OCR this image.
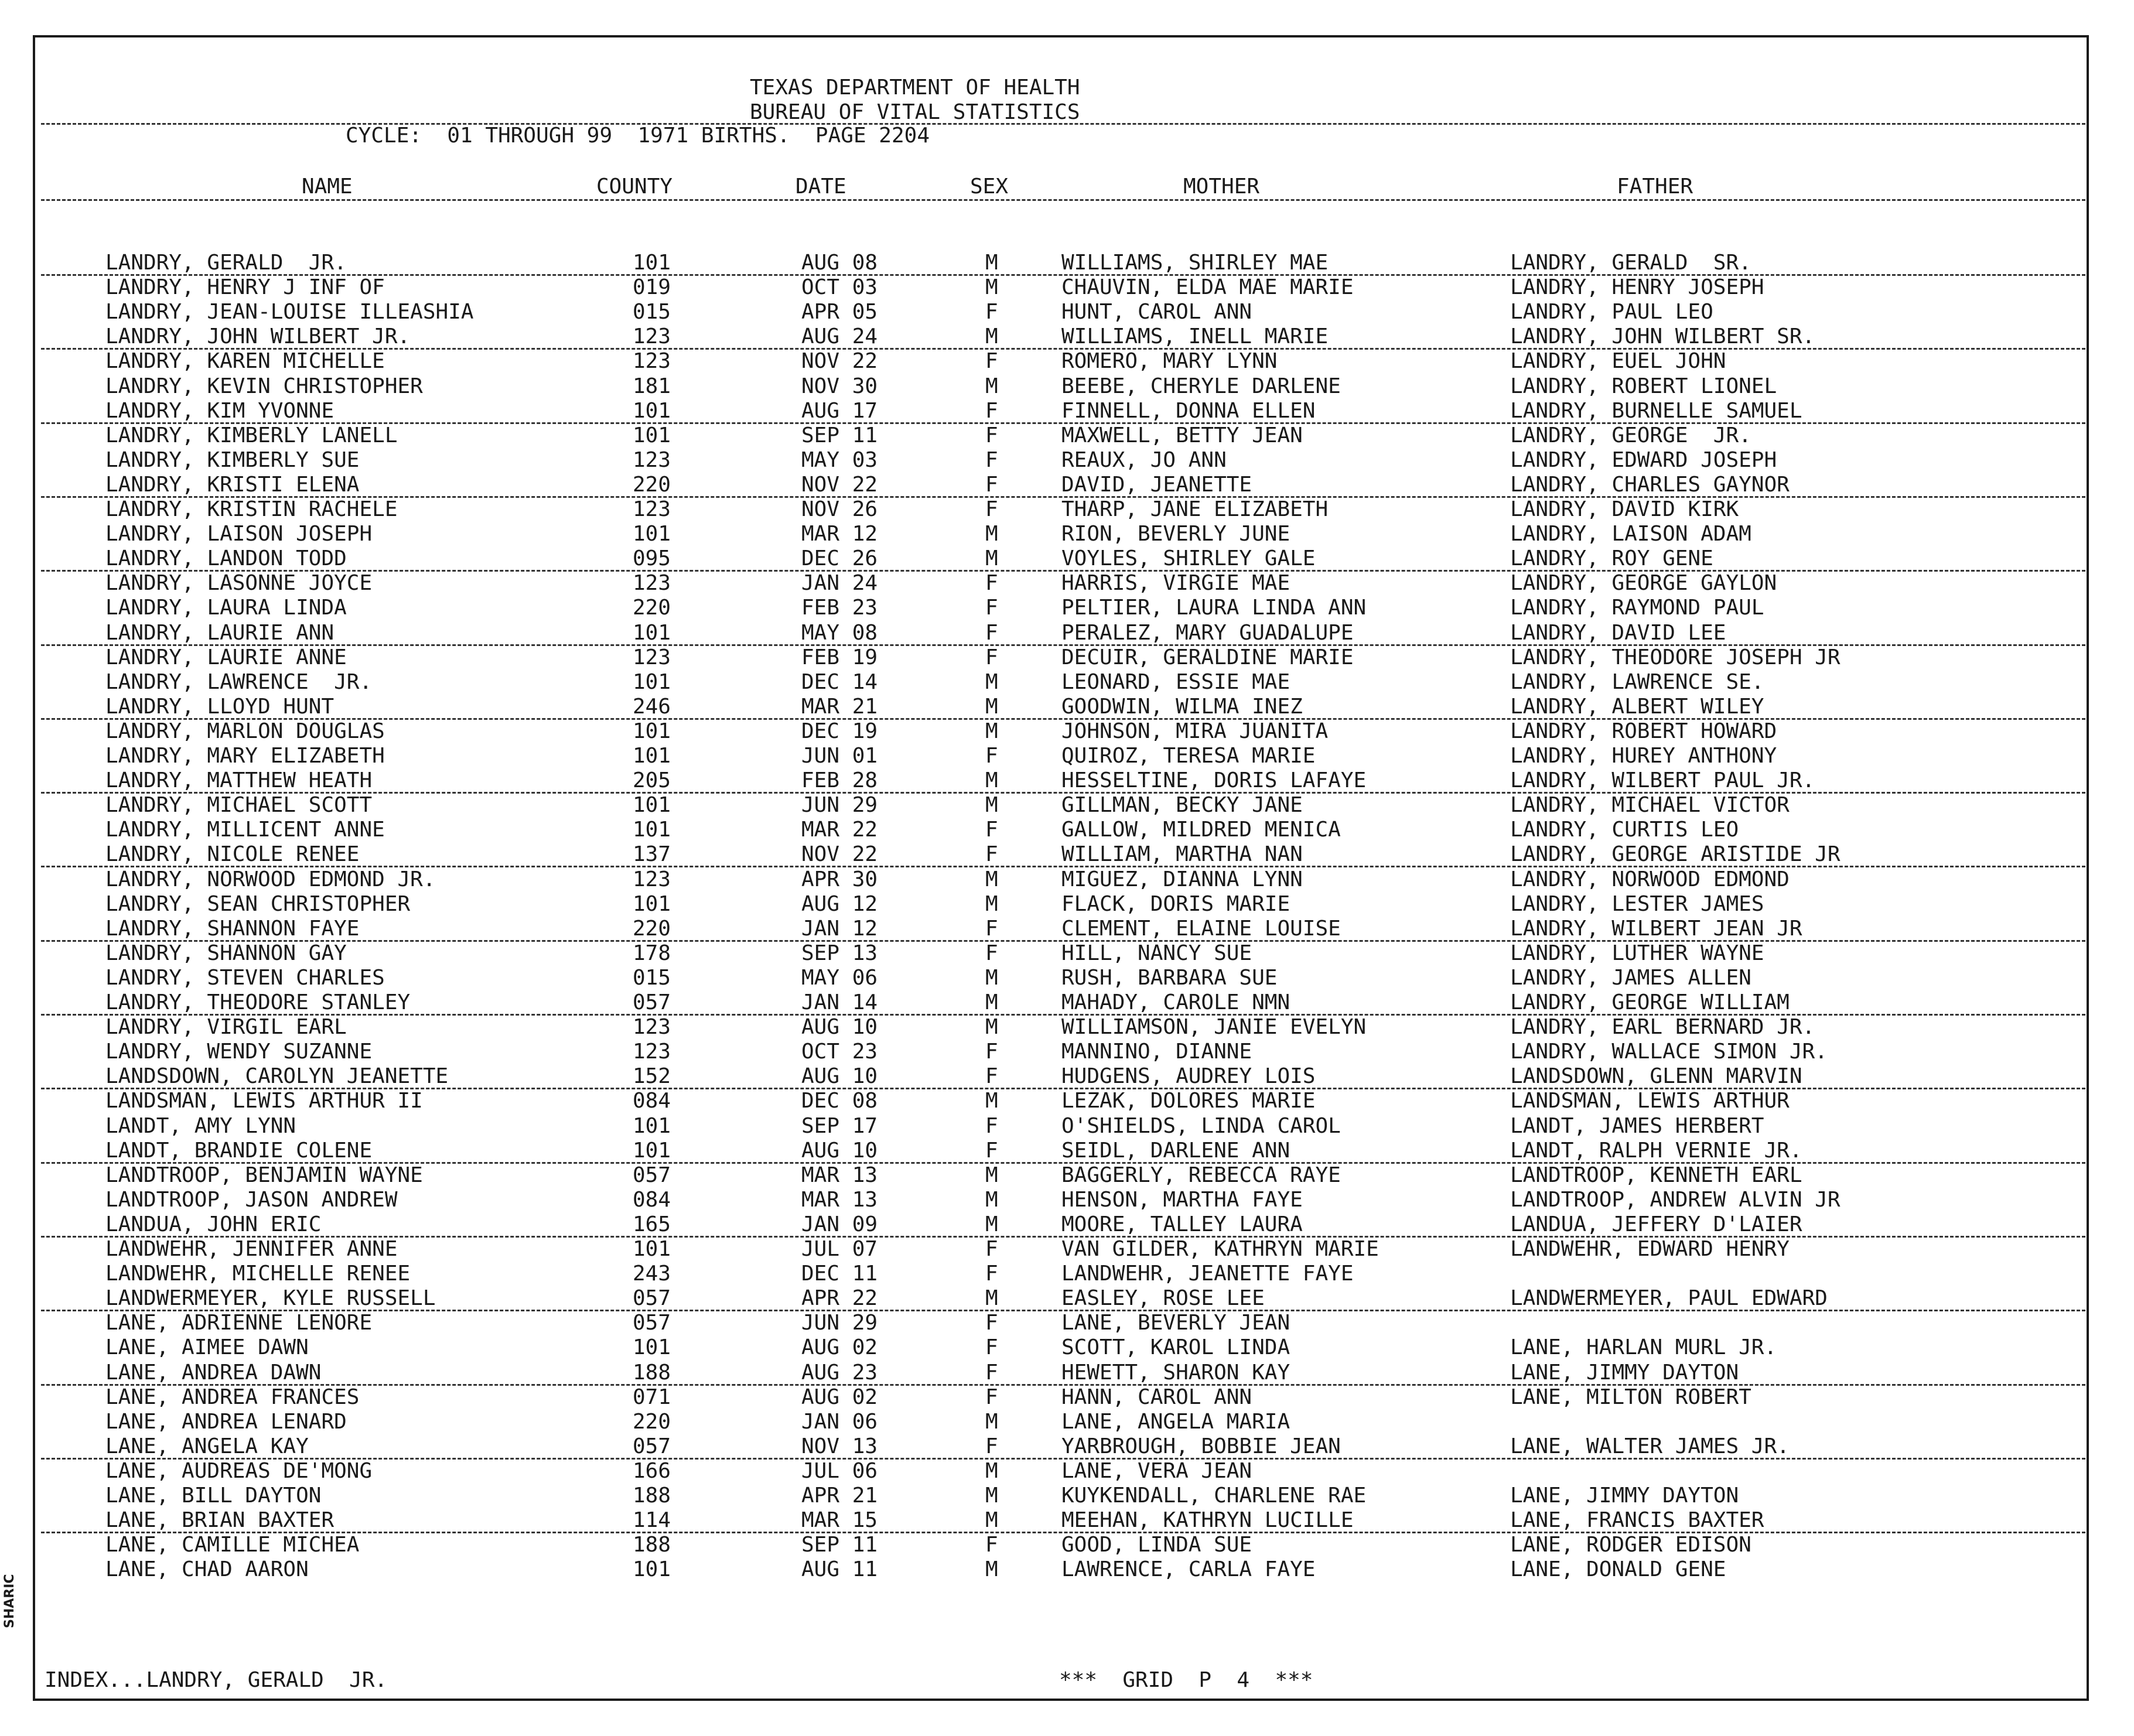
TEXAS DEPARTMENT OF HEALTH
BUREAU OF VITAL STATISTICS
CYCLE:  01 THROUGH 99  1971 BIRTHS.  PAGE 2204
NAME	COUNTY	DATE	SEX	MOTHER	FATHER
LANDRY, GERALD  JR.	101	AUG 08	M	WILLIAMS, SHIRLEY MAE	LANDRY, GERALD  SR.
LANDRY, HENRY J INF OF	019	OCT 03	M	CHAUVIN, ELDA MAE MARIE	LANDRY, HENRY JOSEPH
LANDRY, JEAN-LOUISE ILLEASHIA	015	APR 05	F	HUNT, CAROL ANN	LANDRY, PAUL LEO
LANDRY, JOHN WILBERT JR.	123	AUG 24	M	WILLIAMS, INELL MARIE	LANDRY, JOHN WILBERT SR.
LANDRY, KAREN MICHELLE	123	NOV 22	F	ROMERO, MARY LYNN	LANDRY, EUEL JOHN
LANDRY, KEVIN CHRISTOPHER	181	NOV 30	M	BEEBE, CHERYLE DARLENE	LANDRY, ROBERT LIONEL
LANDRY, KIM YVONNE	101	AUG 17	F	FINNELL, DONNA ELLEN	LANDRY, BURNELLE SAMUEL
LANDRY, KIMBERLY LANELL	101	SEP 11	F	MAXWELL, BETTY JEAN	LANDRY, GEORGE  JR.
LANDRY, KIMBERLY SUE	123	MAY 03	F	REAUX, JO ANN	LANDRY, EDWARD JOSEPH
LANDRY, KRISTI ELENA	220	NOV 22	F	DAVID, JEANETTE	LANDRY, CHARLES GAYNOR
LANDRY, KRISTIN RACHELE	123	NOV 26	F	THARP, JANE ELIZABETH	LANDRY, DAVID KIRK
LANDRY, LAISON JOSEPH	101	MAR 12	M	RION, BEVERLY JUNE	LANDRY, LAISON ADAM
LANDRY, LANDON TODD	095	DEC 26	M	VOYLES, SHIRLEY GALE	LANDRY, ROY GENE
LANDRY, LASONNE JOYCE	123	JAN 24	F	HARRIS, VIRGIE MAE	LANDRY, GEORGE GAYLON
LANDRY, LAURA LINDA	220	FEB 23	F	PELTIER, LAURA LINDA ANN	LANDRY, RAYMOND PAUL
LANDRY, LAURIE ANN	101	MAY 08	F	PERALEZ, MARY GUADALUPE	LANDRY, DAVID LEE
LANDRY, LAURIE ANNE	123	FEB 19	F	DECUIR, GERALDINE MARIE	LANDRY, THEODORE JOSEPH JR
LANDRY, LAWRENCE  JR.	101	DEC 14	M	LEONARD, ESSIE MAE	LANDRY, LAWRENCE SE.
LANDRY, LLOYD HUNT	246	MAR 21	M	GOODWIN, WILMA INEZ	LANDRY, ALBERT WILEY
LANDRY, MARLON DOUGLAS	101	DEC 19	M	JOHNSON, MIRA JUANITA	LANDRY, ROBERT HOWARD
LANDRY, MARY ELIZABETH	101	JUN 01	F	QUIROZ, TERESA MARIE	LANDRY, HUREY ANTHONY
LANDRY, MATTHEW HEATH	205	FEB 28	M	HESSELTINE, DORIS LAFAYE	LANDRY, WILBERT PAUL JR.
LANDRY, MICHAEL SCOTT	101	JUN 29	M	GILLMAN, BECKY JANE	LANDRY, MICHAEL VICTOR
LANDRY, MILLICENT ANNE	101	MAR 22	F	GALLOW, MILDRED MENICA	LANDRY, CURTIS LEO
LANDRY, NICOLE RENEE	137	NOV 22	F	WILLIAM, MARTHA NAN	LANDRY, GEORGE ARISTIDE JR
LANDRY, NORWOOD EDMOND JR.	123	APR 30	M	MIGUEZ, DIANNA LYNN	LANDRY, NORWOOD EDMOND
LANDRY, SEAN CHRISTOPHER	101	AUG 12	M	FLACK, DORIS MARIE	LANDRY, LESTER JAMES
LANDRY, SHANNON FAYE	220	JAN 12	F	CLEMENT, ELAINE LOUISE	LANDRY, WILBERT JEAN JR
LANDRY, SHANNON GAY	178	SEP 13	F	HILL, NANCY SUE	LANDRY, LUTHER WAYNE
LANDRY, STEVEN CHARLES	015	MAY 06	M	RUSH, BARBARA SUE	LANDRY, JAMES ALLEN
LANDRY, THEODORE STANLEY	057	JAN 14	M	MAHADY, CAROLE NMN	LANDRY, GEORGE WILLIAM
LANDRY, VIRGIL EARL	123	AUG 10	M	WILLIAMSON, JANIE EVELYN	LANDRY, EARL BERNARD JR.
LANDRY, WENDY SUZANNE	123	OCT 23	F	MANNINO, DIANNE	LANDRY, WALLACE SIMON JR.
LANDSDOWN, CAROLYN JEANETTE	152	AUG 10	F	HUDGENS, AUDREY LOIS	LANDSDOWN, GLENN MARVIN
LANDSMAN, LEWIS ARTHUR II	084	DEC 08	M	LEZAK, DOLORES MARIE	LANDSMAN, LEWIS ARTHUR
LANDT, AMY LYNN	101	SEP 17	F	O'SHIELDS, LINDA CAROL	LANDT, JAMES HERBERT
LANDT, BRANDIE COLENE	101	AUG 10	F	SEIDL, DARLENE ANN	LANDT, RALPH VERNIE JR.
LANDTROOP, BENJAMIN WAYNE	057	MAR 13	M	BAGGERLY, REBECCA RAYE	LANDTROOP, KENNETH EARL
LANDTROOP, JASON ANDREW	084	MAR 13	M	HENSON, MARTHA FAYE	LANDTROOP, ANDREW ALVIN JR
LANDUA, JOHN ERIC	165	JAN 09	M	MOORE, TALLEY LAURA	LANDUA, JEFFERY D'LAIER
LANDWEHR, JENNIFER ANNE	101	JUL 07	F	VAN GILDER, KATHRYN MARIE	LANDWEHR, EDWARD HENRY
LANDWEHR, MICHELLE RENEE	243	DEC 11	F	LANDWEHR, JEANETTE FAYE
LANDWERMEYER, KYLE RUSSELL	057	APR 22	M	EASLEY, ROSE LEE	LANDWERMEYER, PAUL EDWARD
LANE, ADRIENNE LENORE	057	JUN 29	F	LANE, BEVERLY JEAN
LANE, AIMEE DAWN	101	AUG 02	F	SCOTT, KAROL LINDA	LANE, HARLAN MURL JR.
LANE, ANDREA DAWN	188	AUG 23	F	HEWETT, SHARON KAY	LANE, JIMMY DAYTON
LANE, ANDREA FRANCES	071	AUG 02	F	HANN, CAROL ANN	LANE, MILTON ROBERT
LANE, ANDREA LENARD	220	JAN 06	M	LANE, ANGELA MARIA
LANE, ANGELA KAY	057	NOV 13	F	YARBROUGH, BOBBIE JEAN	LANE, WALTER JAMES JR.
LANE, AUDREAS DE'MONG	166	JUL 06	M	LANE, VERA JEAN
LANE, BILL DAYTON	188	APR 21	M	KUYKENDALL, CHARLENE RAE	LANE, JIMMY DAYTON
LANE, BRIAN BAXTER	114	MAR 15	M	MEEHAN, KATHRYN LUCILLE	LANE, FRANCIS BAXTER
LANE, CAMILLE MICHEA	188	SEP 11	F	GOOD, LINDA SUE	LANE, RODGER EDISON
LANE, CHAD AARON	101	AUG 11	M	LAWRENCE, CARLA FAYE	LANE, DONALD GENE
INDEX...LANDRY, GERALD  JR.	***  GRID  P  4  ***
SHARIC
